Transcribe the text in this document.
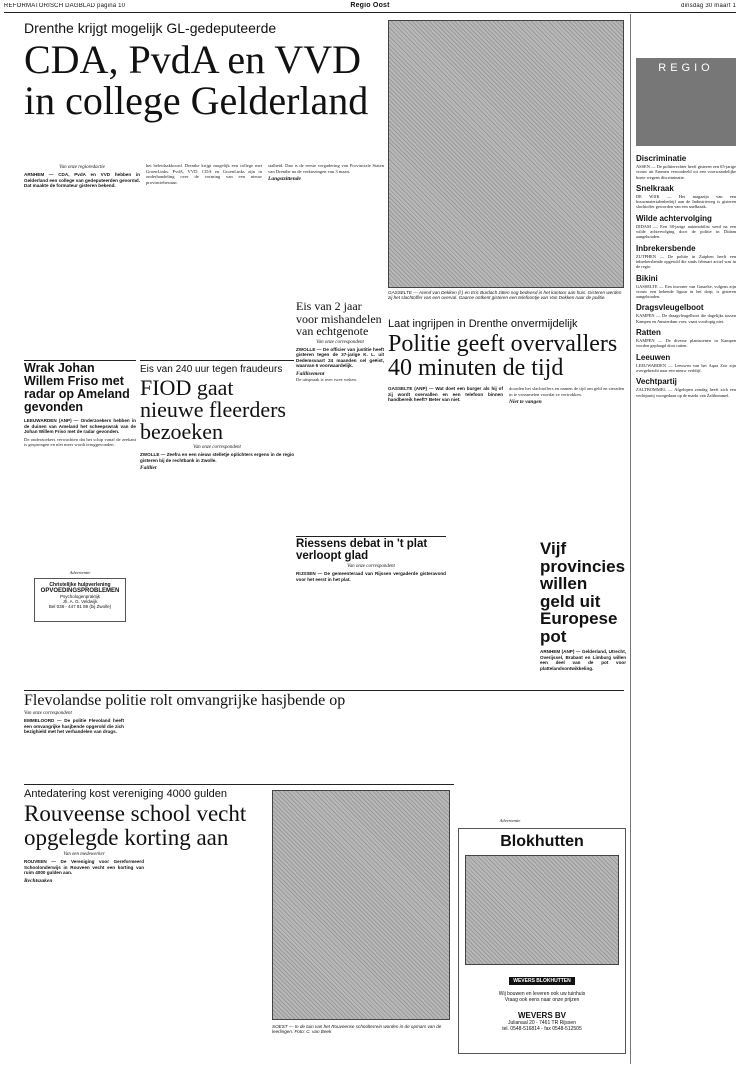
REFORMATORISCH DAGBLAD pagina 10	Regio Oost	dinsdag 30 maart 1
Drenthe krijgt mogelijk GL-gedeputeerde
CDA, PvdA en VVD in college Gelderland
Van onze regioredactie
ARNHEM — CDA, PvdA en VVD hebben in Gelderland een college van gedeputeerden gevormd. Dat maakte de formateur gisteren bekend.
het beleidsakkoord. Drenthe krijgt mogelijk een college met GroenLinks. PvdA, VVD, CDA en GroenLinks zijn in onderhandeling over de vorming van een nieuw provinciebestuur.
stalheid. Dan is de eerste vergadering van Provinciale Staten van Drenthe na de verkiezingen van 3 maart.
Langstzittende
GASSELTE — Arend van Dekken (l.) en Eric Burdach zitten nog bedeesd in het kantoor aan huis. Gisteren werden zij het slachtoffer van een overval. Gaarne ontkent gisteren een telefoontje van Van Dekken naar de politie.
Eis van 2 jaar voor mishandelen van echtgenote
Van onze correspondent
ZWOLLE — De officier van justitie heeft gisteren tegen de 37-jarige K. L. uit Dedemsvaart 24 maanden cel geëist, waarvan 6 voorwaardelijk.
Faillisement
De uitspraak is over twee weken.
Laat ingrijpen in Drenthe onvermijdelijk
Politie geeft overvallers 40 minuten de tijd
GASSELTE (ANP) — Wat doet een burger als hij of zij wordt overvallen en een telefoon binnen handbereik heeft? Beter van niet.
doorden het slachtoffers en namen de tijd om geld en sieraden in te verzamelen voordat ze vertrokken.
Niet te vangen
Wrak Johan Willem Friso met radar op Ameland gevonden
LEEUWARDEN (ANP) — Onderzoekers hebben in de duinen van Ameland het scheepswrak van de Johan Willem Friso met de radar gevonden.
De onderzoekers verwachten dat het schip vanaf de zeekant is gesprongen en niet meer wordt teruggevonden.
Advertentie
Christelijke hulpverlening
OPVOEDINGSPROBLEMEN
Psychologenpraktijk
Jh. A. G. Veldwijk
Bel 038 - 447 81 89 (bij Zwolle)
Eis van 240 uur tegen fraudeurs
FIOD gaat nieuwe fleerders bezoeken
Van onze correspondent
ZWOLLE — Zeefra en een nieuw stelletje oplichters ergens in de regio gisteren bij de rechtbank in Zwolle.
Failliet
Riessens debat in 't plat verloopt glad
Van onze correspondent
RIJSSEN — De gemeenteraad van Rijssen vergaderde gisteravond voor het eerst in het plat.
Vijf provincies willen geld uit Europese pot
ARNHEM (ANP) — Gelderland, Utrecht, Overijssel, Brabant en Limburg willen een deel van de pot voor plattelandsontwikkeling.
Flevolandse politie rolt omvangrijke hasjbende op
Van onze correspondent
EMMELOORD — De politie Flevoland heeft een omvangrijke hasjbende opgerold die zich bezighield met het verhandelen van drugs.
Antedatering kost vereniging 4000 gulden
Rouveense school vecht opgelegde korting aan
Van een medewerker
ROUVEEN — De Vereniging voor Gereformeerd Schoolonderwijs in Rouveen vecht een korting van ruim 4000 gulden aan.
Rechtszaken
SOEST — In de tuin van het Rouveense schoolterrein worden in de opmars van de leerlingen. Foto: C. van Beek
Advertentie
Blokhutten
WEVERS BLOKHUTTEN
Wij bouwen en leveren ook uw tuinhuis
Vraag ook eens naar onze prijzen
WEVERS BV
Julianaal 20 - 7461 TR Rijssen
tel. 0548-516814 - fax 0548-512505
REGIO
Discriminatie
ASSEN — De politierechter heeft gisteren een 65-jarige vrouw uit Emmen veroordeeld tot een voorwaardelijke boete wegens discriminatie.
Snelkraak
DE WIJK — Het magazijn van een bouwmaterialenbedrijf aan de Industrieweg is gisteren slachtoffer geworden van een snelkraak.
Wilde achtervolging
DIDAM — Een 38-jarige automobilist werd na een wilde achtervolging door de politie in Didam aangehouden.
Inbrekersbende
ZUTPHEN — De politie in Zutphen heeft een inbrekersbende opgerold die sinds februari actief was in de regio.
Bikini
GASSELTE — Een inwoner van Gasselte, volgens zijn vrouw een bekende figuur in het dorp, is gisteren aangehouden.
Dragsvleugelboot
KAMPEN — De draagvleugelboot die dagelijks tussen Kampen en Amsterdam voer, vaart voorlopig niet.
Ratten
KAMPEN — De diverse plantsoenen in Kampen worden geplaagd door ratten.
Leeuwen
LEEUWARDEN — Leeuwen van het Aqua Zoo zijn overgebracht naar een nieuw verblijf.
Vechtpartij
ZALTBOMMEL — Afgelopen zondag heeft zich een vechtpartij voorgedaan op de markt van Zaltbommel.
